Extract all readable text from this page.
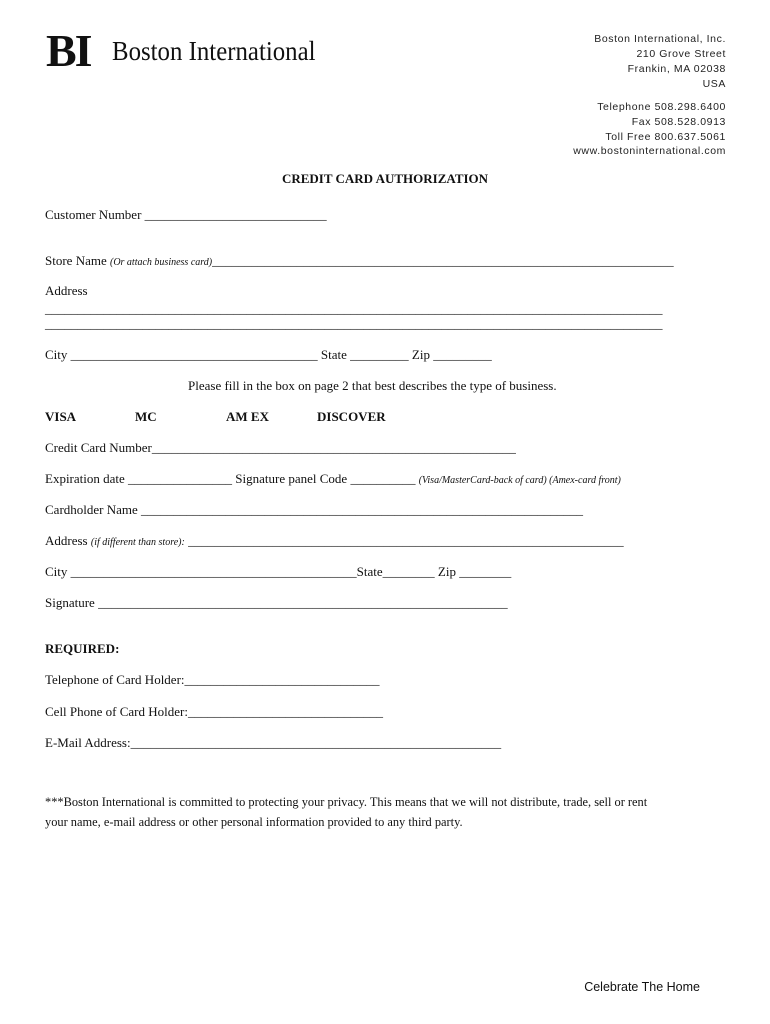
BI Boston International	Boston International, Inc.
210 Grove Street
Frankin, MA 02038
USA
Telephone 508.298.6400
Fax 508.528.0913
Toll Free 800.637.5061
www.bostoninternational.com
CREDIT CARD AUTHORIZATION
Customer Number ____________________________
Store Name (Or attach business card)_______________________________________________________________________
Address
_______________________________________________________________________________________________
_______________________________________________________________________________________________
City ______________________________________ State _________ Zip _________
Please fill in the box on page 2 that best describes the type of business.
VISA	MC	AM EX	DISCOVER
Credit Card Number________________________________________________________
Expiration date ________________ Signature panel Code __________ (Visa/MasterCard-back of card) (Amex-card front)
Cardholder Name ____________________________________________________________________
Address (if different than store): ___________________________________________________________________
City ____________________________________________State________ Zip ________
Signature _______________________________________________________________
REQUIRED:
Telephone of Card Holder:______________________________
Cell Phone of Card Holder:______________________________
E-Mail Address:_________________________________________________________
***Boston International is committed to protecting your privacy. This means that we will not distribute, trade, sell or rent
your name, e-mail address or other personal information provided to any third party.
Celebrate The Home
